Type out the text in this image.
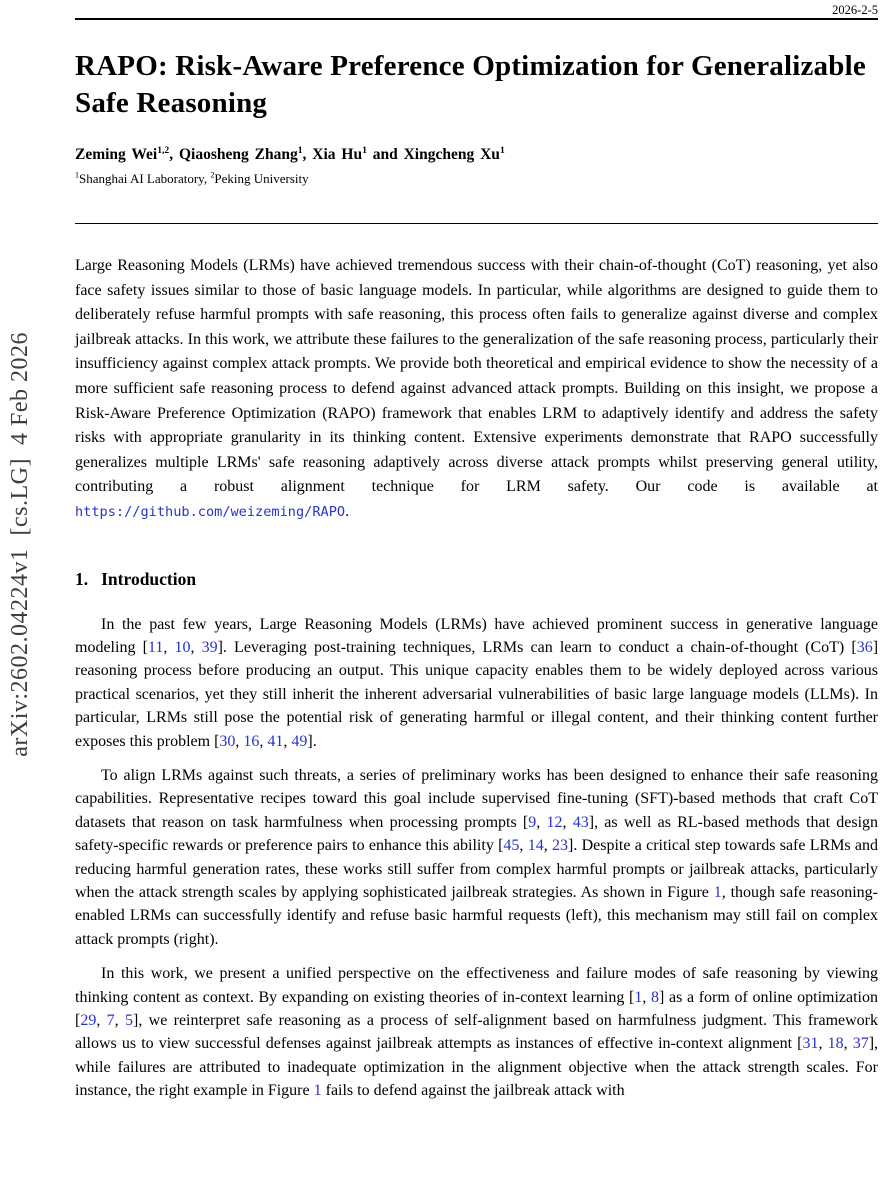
arXiv:2602.04224v1  [cs.LG]  4 Feb 2026
2026-2-5
RAPO: Risk-Aware Preference Optimization for Generalizable Safe Reasoning
Zeming Wei$^{1,2}$, Qiaosheng Zhang$^1$, Xia Hu$^1$ and Xingcheng Xu$^1$
$^1$Shanghai AI Laboratory, $^2$Peking University

Large Reasoning Models (LRMs) have achieved tremendous success with their chain-of-thought (CoT) reasoning, yet also face safety issues similar to those of basic language models. In particular, while algorithms are designed to guide them to deliberately refuse harmful prompts with safe reasoning, this process often fails to generalize against diverse and complex jailbreak attacks. In this work, we attribute these failures to the generalization of the safe reasoning process, particularly their insufficiency against complex attack prompts. We provide both theoretical and empirical evidence to show the necessity of a more sufficient safe reasoning process to defend against advanced attack prompts. Building on this insight, we propose a Risk-Aware Preference Optimization (RAPO) framework that enables LRM to adaptively identify and address the safety risks with appropriate granularity in its thinking content. Extensive experiments demonstrate that RAPO successfully generalizes multiple LRMs' safe reasoning adaptively across diverse attack prompts whilst preserving general utility, contributing a robust alignment technique for LRM safety. Our code is available at https://github.com/weizeming/RAPO.

1. Introduction

In the past few years, Large Reasoning Models (LRMs) have achieved prominent success in generative language modeling [11, 10, 39]. Leveraging post-training techniques, LRMs can learn to conduct a chain-of-thought (CoT) [36] reasoning process before producing an output. This unique capacity enables them to be widely deployed across various practical scenarios, yet they still inherit the inherent adversarial vulnerabilities of basic large language models (LLMs). In particular, LRMs still pose the potential risk of generating harmful or illegal content, and their thinking content further exposes this problem [30, 16, 41, 49].

To align LRMs against such threats, a series of preliminary works has been designed to enhance their safe reasoning capabilities. Representative recipes toward this goal include supervised fine-tuning (SFT)-based methods that craft CoT datasets that reason on task harmfulness when processing prompts [9, 12, 43], as well as RL-based methods that design safety-specific rewards or preference pairs to enhance this ability [45, 14, 23]. Despite a critical step towards safe LRMs and reducing harmful generation rates, these works still suffer from complex harmful prompts or jailbreak attacks, particularly when the attack strength scales by applying sophisticated jailbreak strategies. As shown in Figure 1, though safe reasoning-enabled LRMs can successfully identify and refuse basic harmful requests (left), this mechanism may still fail on complex attack prompts (right).

In this work, we present a unified perspective on the effectiveness and failure modes of safe reasoning by viewing thinking content as context. By expanding on existing theories of in-context learning [1, 8] as a form of online optimization [29, 7, 5], we reinterpret safe reasoning as a process of self-alignment based on harmfulness judgment. This framework allows us to view successful defenses against jailbreak attempts as instances of effective in-context alignment [31, 18, 37], while failures are attributed to inadequate optimization in the alignment objective when the attack strength scales. For instance, the right example in Figure 1 fails to defend against the jailbreak attack with
